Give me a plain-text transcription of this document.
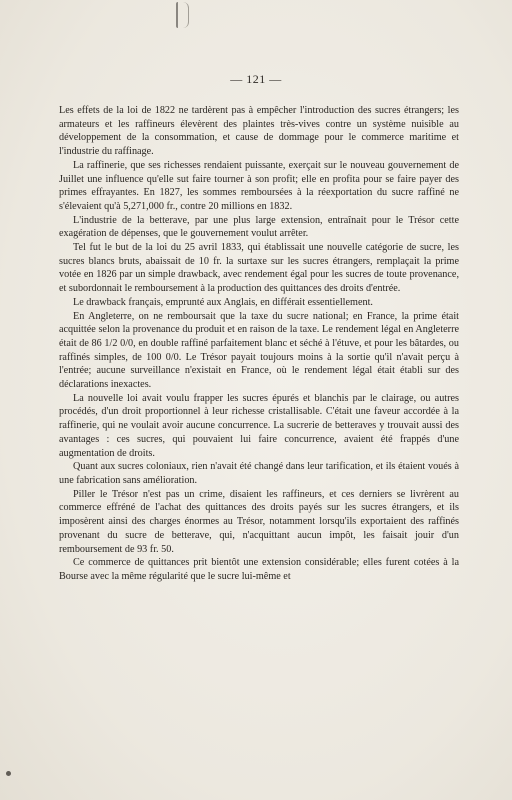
— 121 —

Les effets de la loi de 1822 ne tardèrent pas à empêcher l'introduction des sucres étrangers; les armateurs et les raffineurs élevèrent des plaintes très-vives contre un système nuisible au développement de la consommation, et cause de dommage pour le commerce maritime et l'industrie du raffinage.

La raffinerie, que ses richesses rendaient puissante, exerçait sur le nouveau gouvernement de Juillet une influence qu'elle sut faire tourner à son profit; elle en profita pour se faire payer des primes effrayantes. En 1827, les sommes remboursées à la réexportation du sucre raffiné ne s'élevaient qu'à 5,271,000 fr., contre 20 millions en 1832.

L'industrie de la betterave, par une plus large extension, entraînait pour le Trésor cette exagération de dépenses, que le gouvernement voulut arrêter.

Tel fut le but de la loi du 25 avril 1833, qui établissait une nouvelle catégorie de sucre, les sucres blancs bruts, abaissait de 10 fr. la surtaxe sur les sucres étrangers, remplaçait la prime votée en 1826 par un simple drawback, avec rendement égal pour les sucres de toute provenance, et subordonnait le remboursement à la production des quittances des droits d'entrée.

Le drawback français, emprunté aux Anglais, en différait essentiellement.

En Angleterre, on ne remboursait que la taxe du sucre national; en France, la prime était acquittée selon la provenance du produit et en raison de la taxe. Le rendement légal en Angleterre était de 86 1/2 0/0, en double raffiné parfaitement blanc et séché à l'étuve, et pour les bâtardes, ou raffinés simples, de 100 0/0. Le Trésor payait toujours moins à la sortie qu'il n'avait perçu à l'entrée; aucune surveillance n'existait en France, où le rendement légal était établi sur des déclarations inexactes.

La nouvelle loi avait voulu frapper les sucres épurés et blanchis par le clairage, ou autres procédés, d'un droit proportionnel à leur richesse cristallisable. C'était une faveur accordée à la raffinerie, qui ne voulait avoir aucune concurrence. La sucrerie de betteraves y trouvait aussi des avantages : ces sucres, qui pouvaient lui faire concurrence, avaient été frappés d'une augmentation de droits.

Quant aux sucres coloniaux, rien n'avait été changé dans leur tarification, et ils étaient voués à une fabrication sans amélioration.

Piller le Trésor n'est pas un crime, disaient les raffineurs, et ces derniers se livrèrent au commerce effréné de l'achat des quittances des droits payés sur les sucres étrangers, et ils imposèrent ainsi des charges énormes au Trésor, notamment lorsqu'ils exportaient des raffinés provenant du sucre de betterave, qui, n'acquittant aucun impôt, les faisait jouir d'un remboursement de 93 fr. 50.

Ce commerce de quittances prit bientôt une extension considérable; elles furent cotées à la Bourse avec la même régularité que le sucre lui-même et
